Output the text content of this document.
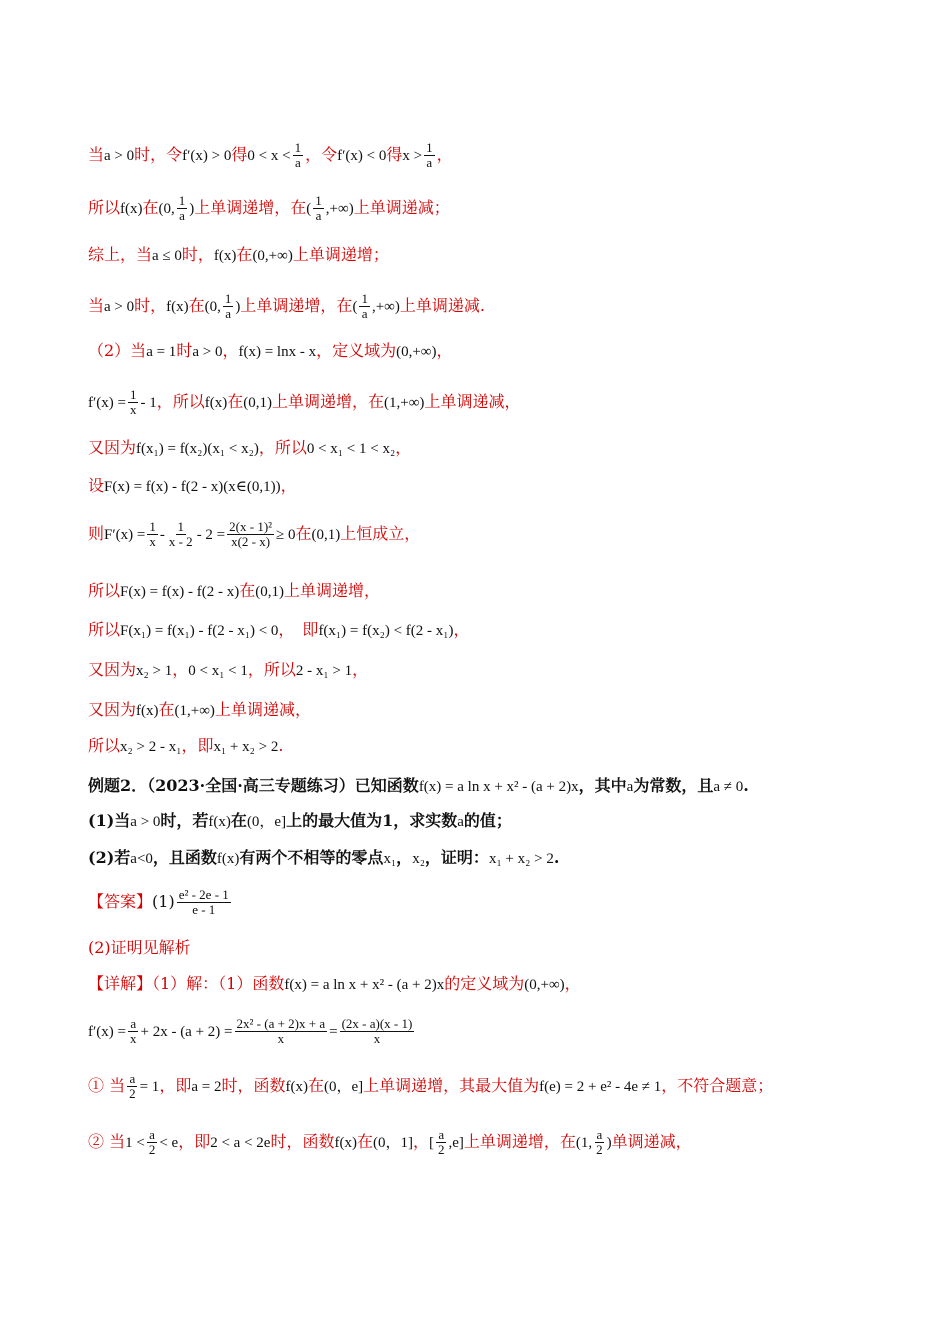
当a > 0时，令f′(x) > 0得$0 < x < \frac{1}{a}$ ，令f′(x) < 0得$x > \frac{1}{a}$ ，
所以f(x)在(0, $\frac{1}{a}$ )上单调递增，在( $\frac{1}{a}$ ,+∞)上单调递减；
综上，当a ≤ 0时，f(x)在(0,+∞)上单调递增；
当a > 0时，f(x)在(0, $\frac{1}{a}$ )上单调递增，在( $\frac{1}{a}$ ,+∞)上单调递减.
（2）当a = 1时a > 0，f(x) = lnx - x，定义域为(0,+∞)，
$f'(x) = \frac{1}{x} - 1$，所以f(x)在(0,1)上单调递增，在(1,+∞)上单调递减，
又因为f(x₁) = f(x₂)(x₁ < x₂)，所以0 < x₁ < 1 < x₂，
设F(x) = f(x) - f(2 - x)(x∈(0,1))，
则$F'(x) = \frac{1}{x} - \frac{1}{x - 2} - 2 = \frac{\text{2(x - 1)²}}{x(2 - x)} \ge 0$在(0,1)上恒成立，
所以F(x) = f(x) - f(2 - x)在(0,1)上单调递增，
所以F(x₁) = f(x₁) - f(2 - x₁) < 0，　即f(x₁) = f(x₂) < f(2 - x₁)，
又因为x₂ > 1，0 < x₁ < 1，所以2 - x₁ > 1，
又因为f(x)在(1,+∞)上单调递减，
所以x₂ > 2 - x₁，即x₁ + x₂ > 2.
例题2．（2023·全国·高三专题练习）已知函数f(x) = a ln x + x² - (a + 2)x，其中a为常数，且a ≠ 0.
(1)当a > 0时，若f(x)在(0，e]上的最大值为1，求实数a的值；
(2)若a<0，且函数f(x)有两个不相等的零点x₁，x₂，证明：x₁ + x₂ > 2.
【答案】$(1) \frac{\text{e² - 2e - 1}}{e - 1}$
(2)证明见解析
【详解】（1）解：（1）函数f(x) = a ln x + x² - (a + 2)x的定义域为(0,+∞)，
$f'(x) = \frac{a}{x} + 2x - (a + 2) = \frac{\text{2x² - (a + 2)x + a}}{x} = \frac{(2x - a)(x - 1)}{x}$
① 当 $\frac{a}{2} = 1$，即a = 2时，函数f(x)在(0，e]上单调递增，其最大值为f(e) = 2 + e² - 4e ≠ 1，不符合题意；
② 当$1 < \frac{a}{2} < e$，即2 < a < 2e时，函数f(x)在(0，1]，[ $\frac{a}{2} ,e$]上单调递增，在(1, $\frac{a}{2}$ )单调递减，
